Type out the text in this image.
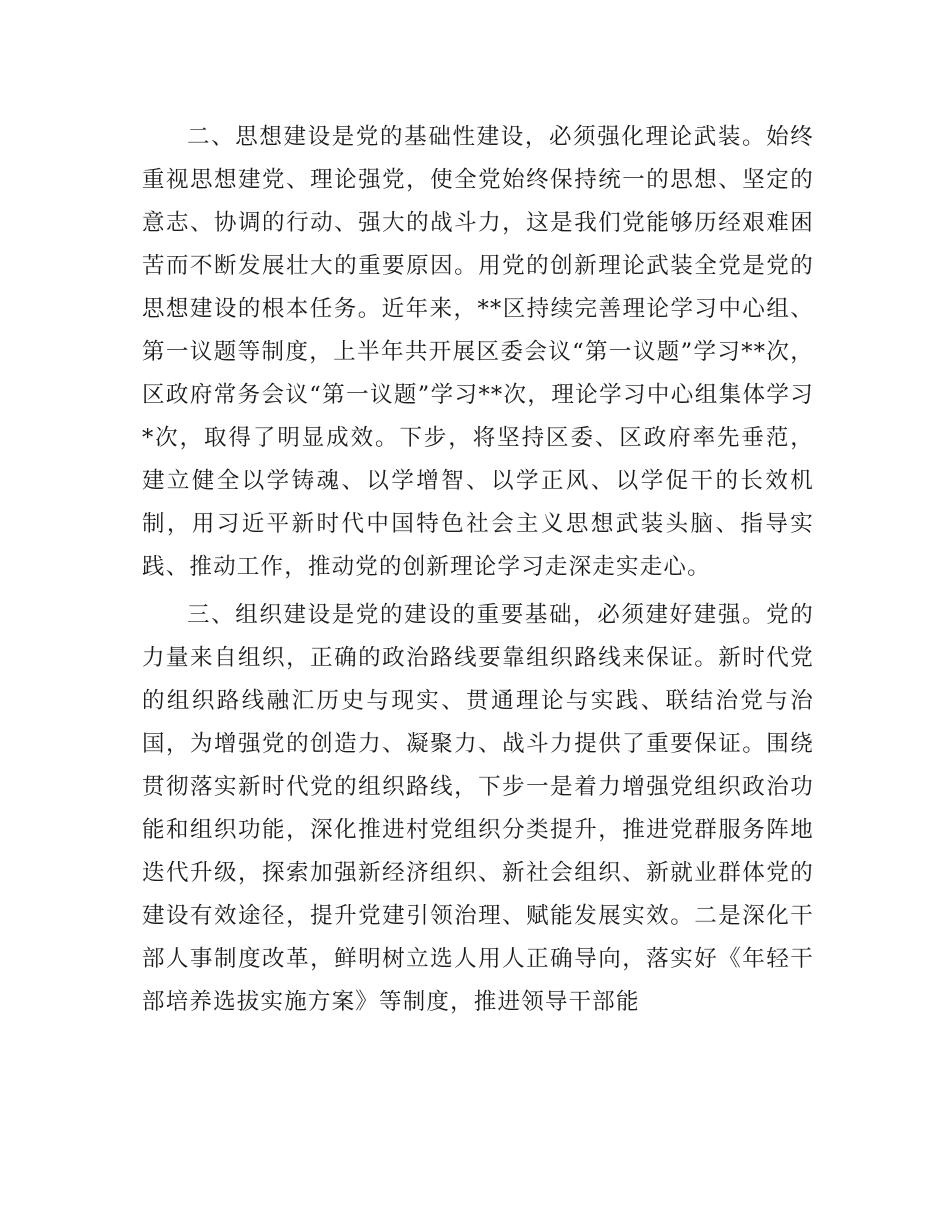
二、思想建设是党的基础性建设，必须强化理论武装。始终重视思想建党、理论强党，使全党始终保持统一的思想、坚定的意志、协调的行动、强大的战斗力，这是我们党能够历经艰难困苦而不断发展壮大的重要原因。用党的创新理论武装全党是党的思想建设的根本任务。近年来，**区持续完善理论学习中心组、第一议题等制度，上半年共开展区委会议“第一议题”学习**次，区政府常务会议“第一议题”学习**次，理论学习中心组集体学习*次，取得了明显成效。下步，将坚持区委、区政府率先垂范，建立健全以学铸魂、以学增智、以学正风、以学促干的长效机制，用习近平新时代中国特色社会主义思想武装头脑、指导实践、推动工作，推动党的创新理论学习走深走实走心。

三、组织建设是党的建设的重要基础，必须建好建强。党的力量来自组织，正确的政治路线要靠组织路线来保证。新时代党的组织路线融汇历史与现实、贯通理论与实践、联结治党与治国，为增强党的创造力、凝聚力、战斗力提供了重要保证。围绕贯彻落实新时代党的组织路线，下步一是着力增强党组织政治功能和组织功能，深化推进村党组织分类提升，推进党群服务阵地迭代升级，探索加强新经济组织、新社会组织、新就业群体党的建设有效途径，提升党建引领治理、赋能发展实效。二是深化干部人事制度改革，鲜明树立选人用人正确导向，落实好《年轻干部培养选拔实施方案》等制度，推进领导干部能
